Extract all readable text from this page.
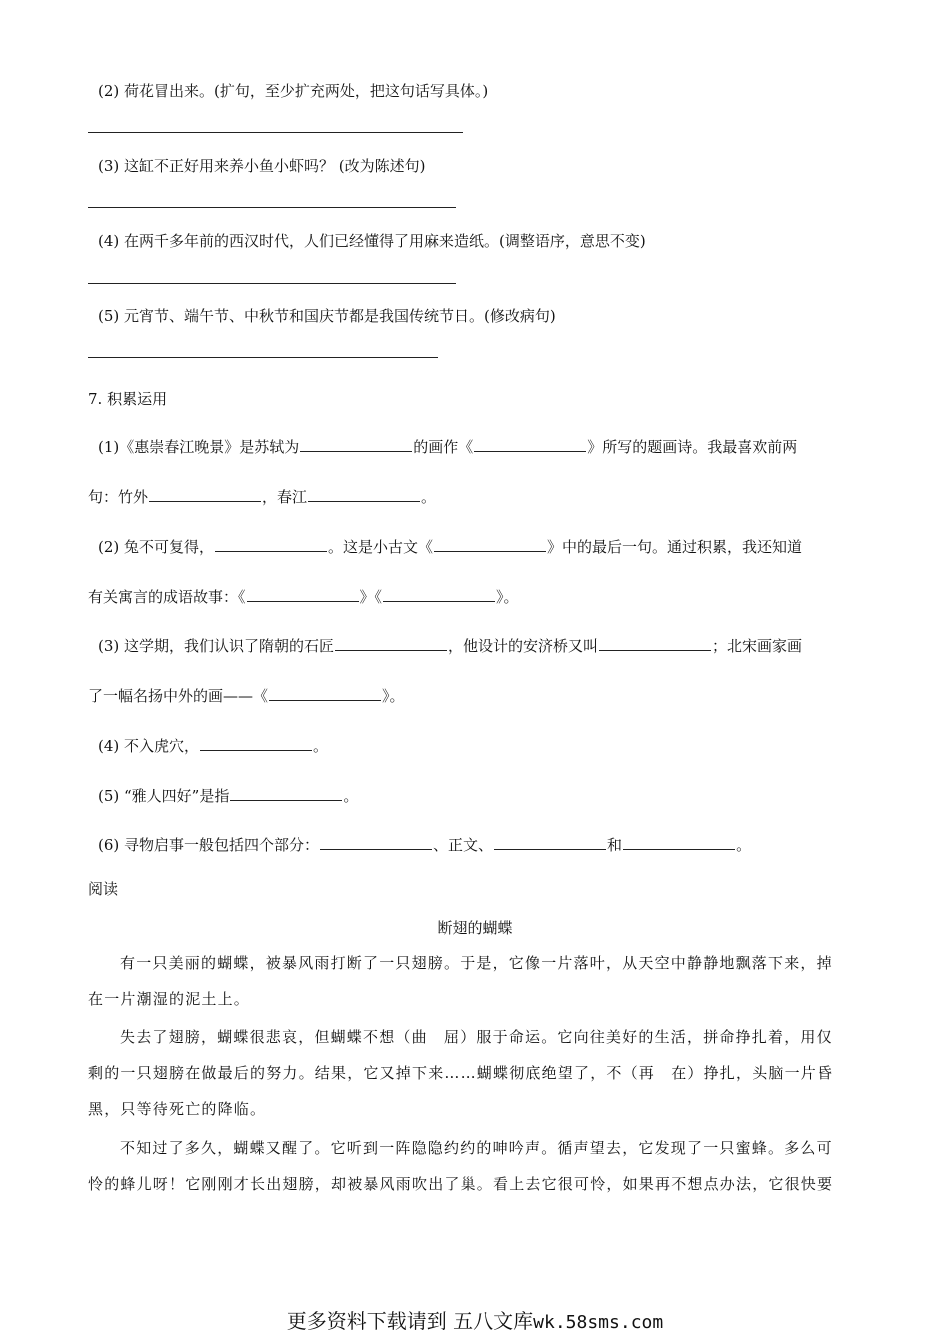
(2) 荷花冒出来。(扩句，至少扩充两处，把这句话写具体。)
(3) 这缸不正好用来养小鱼小虾吗？ (改为陈述句)
(4) 在两千多年前的西汉时代，人们已经懂得了用麻来造纸。(调整语序，意思不变)
(5) 元宵节、端午节、中秋节和国庆节都是我国传统节日。(修改病句)
7. 积累运用
(1)《惠崇春江晚景》是苏轼为	的画作《	》所写的题画诗。我最喜欢前两
句：竹外	，春江	。
(2) 兔不可复得，	。这是小古文《	》中的最后一句。通过积累，我还知道
有关寓言的成语故事：《	》《	》。
(3) 这学期，我们认识了隋朝的石匠	，他设计的安济桥又叫	；北宋画家画
了一幅名扬中外的画——《	》。
(4) 不入虎穴，	。
(5) “雅人四好”是指	。
(6) 寻物启事一般包括四个部分：	、正文、	和	。
阅读
断翅的蝴蝶
有一只美丽的蝴蝶，被暴风雨打断了一只翅膀。于是，它像一片落叶，从天空中静静地飘落下来，掉
在一片潮湿的泥土上。
失去了翅膀，蝴蝶很悲哀，但蝴蝶不想（曲　屈）服于命运。它向往美好的生活，拼命挣扎着，用仅
剩的一只翅膀在做最后的努力。结果，它又掉下来……蝴蝶彻底绝望了，不（再　在）挣扎，头脑一片昏
黑，只等待死亡的降临。
不知过了多久，蝴蝶又醒了。它听到一阵隐隐约约的呻吟声。循声望去，它发现了一只蜜蜂。多么可
怜的蜂儿呀！它刚刚才长出翅膀，却被暴风雨吹出了巢。看上去它很可怜，如果再不想点办法，它很快要
更多资料下载请到 五八文库wk.58sms.com
